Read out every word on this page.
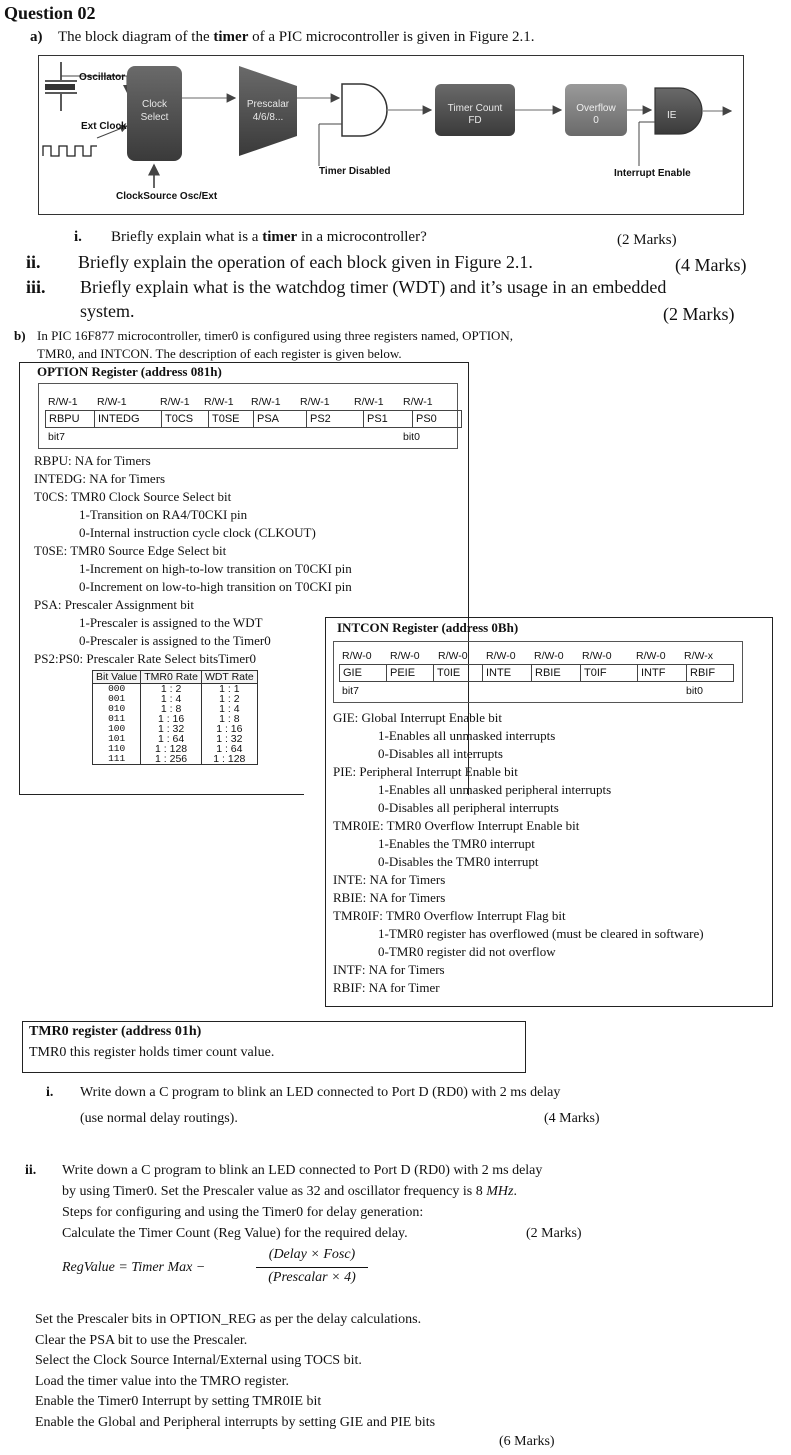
Question 02
a) The block diagram of the timer of a PIC microcontroller is given in Figure 2.1.
Oscillator
Ext Clock
Clock
Select
Prescalar
4/6/8...
Timer Count
FD
Overflow
0	IE
Timer Disabled	Interrupt Enable
ClockSource Osc/Ext
i. Briefly explain what is a timer in a microcontroller?	(2 Marks)
ii. Briefly explain the operation of each block given in Figure 2.1.	(4 Marks)
iii. Briefly explain what is the watchdog timer (WDT) and it’s usage in an embedded
system.	(2 Marks)
b) In PIC 16F877 microcontroller, timer0 is configured using three registers named, OPTION,
TMR0, and INTCON. The description of each register is given below.
OPTION Register (address 081h)
R/W-1 R/W-1	R/W-1 R/W-1 R/W-1 R/W-1 R/W-1 R/W-1
RBPU	INTEDG	T0CS	T0SE	PSA	PS2	PS1	PS0
bit7	bit0
RBPU: NA for Timers
INTEDG: NA for Timers
T0CS: TMR0 Clock Source Select bit
1-Transition on RA4/T0CKI pin
0-Internal instruction cycle clock (CLKOUT)
T0SE: TMR0 Source Edge Select bit
1-Increment on high-to-low transition on T0CKI pin
0-Increment on low-to-high transition on T0CKI pin
PSA: Prescaler Assignment bit
1-Prescaler is assigned to the WDT
0-Prescaler is assigned to the Timer0
PS2:PS0: Prescaler Rate Select bitsTimer0
Bit Value	TMR0 Rate	WDT Rate
000	1 : 2	1 : 1
001	1 : 4	1 : 2
010	1 : 8	1 : 4
011	1 : 16	1 : 8
100	1 : 32	1 : 16
101	1 : 64	1 : 32
110	1 : 128	1 : 64
111	1 : 256	1 : 128
INTCON Register (address 0Bh)
R/W-0 R/W-0 R/W-0 R/W-0 R/W-0 R/W-0 R/W-0 R/W-x
GIE	PEIE	T0IE	INTE	RBIE	T0IF	INTF	RBIF
bit7	bit0
GIE: Global Interrupt Enable bit
1-Enables all unmasked interrupts
0-Disables all interrupts
PIE: Peripheral Interrupt Enable bit
1-Enables all unmasked peripheral interrupts
0-Disables all peripheral interrupts
TMR0IE: TMR0 Overflow Interrupt Enable bit
1-Enables the TMR0 interrupt
0-Disables the TMR0 interrupt
INTE: NA for Timers
RBIE: NA for Timers
TMR0IF: TMR0 Overflow Interrupt Flag bit
1-TMR0 register has overflowed (must be cleared in software)
0-TMR0 register did not overflow
INTF: NA for Timers
RBIF: NA for Timer
TMR0 register (address 01h)
TMR0 this register holds timer count value.
i. Write down a C program to blink an LED connected to Port D (RD0) with 2 ms delay
(use normal delay routings).	(4 Marks)
ii. Write down a C program to blink an LED connected to Port D (RD0) with 2 ms delay
by using Timer0. Set the Prescaler value as 32 and oscillator frequency is 8 MHz.
Steps for configuring and using the Timer0 for delay generation:
Calculate the Timer Count (Reg Value) for the required delay.	(2 Marks)
RegValue = Timer Max −
(Delay × Fosc)
(Prescalar × 4)
Set the Prescaler bits in OPTION_REG as per the delay calculations.
Clear the PSA bit to use the Prescaler.
Select the Clock Source Internal/External using TOCS bit.
Load the timer value into the TMRO register.
Enable the Timer0 Interrupt by setting TMR0IE bit
Enable the Global and Peripheral interrupts by setting GIE and PIE bits
(6 Marks)
